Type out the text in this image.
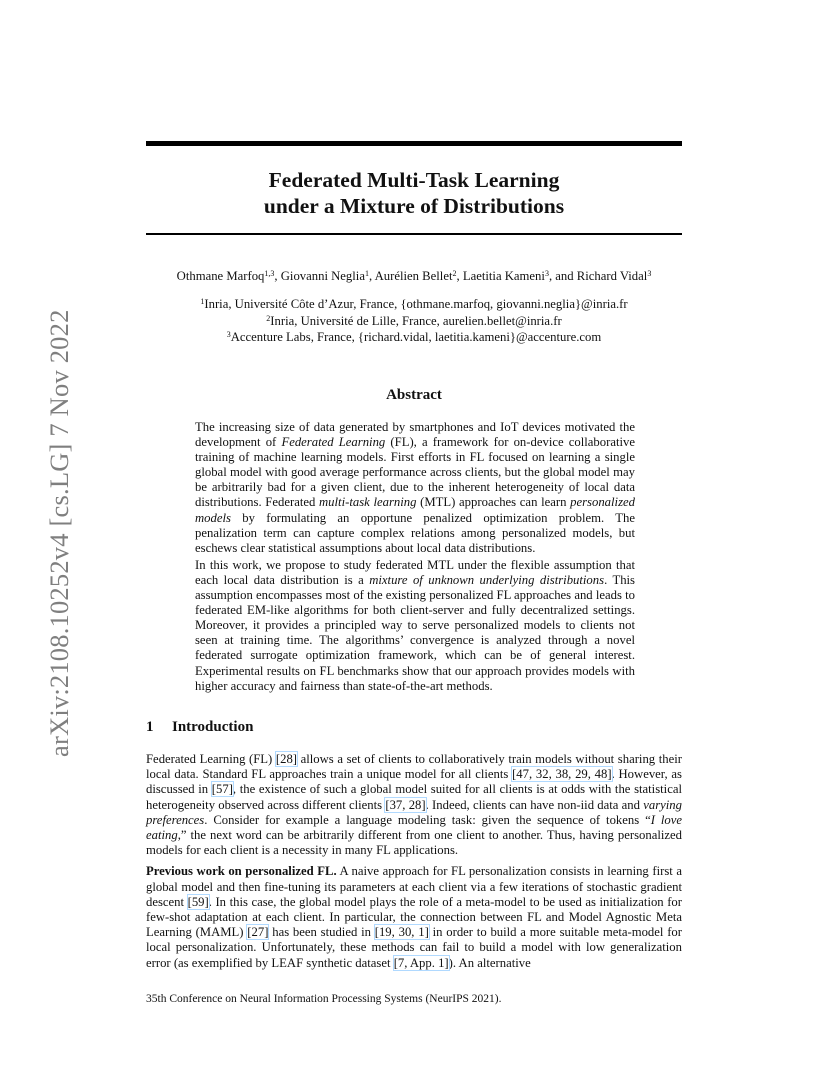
arXiv:2108.10252v4 [cs.LG] 7 Nov 2022
Federated Multi-Task Learning
under a Mixture of Distributions
Othmane Marfoq$^{1,3}$, Giovanni Neglia$^1$, Aurélien Bellet$^2$, Laetitia Kameni$^3$, and Richard Vidal$^3$
$^1$Inria, Université Côte d’Azur, France, {othmane.marfoq, giovanni.neglia}@inria.fr
$^2$Inria, Université de Lille, France, aurelien.bellet@inria.fr
$^3$Accenture Labs, France, {richard.vidal, laetitia.kameni}@accenture.com
Abstract

The increasing size of data generated by smartphones and IoT devices motivated the development of Federated Learning (FL), a framework for on-device collaborative training of machine learning models. First efforts in FL focused on learning a single global model with good average performance across clients, but the global model may be arbitrarily bad for a given client, due to the inherent heterogeneity of local data distributions. Federated multi-task learning (MTL) approaches can learn personalized models by formulating an opportune penalized optimization problem. The penalization term can capture complex relations among personalized models, but eschews clear statistical assumptions about local data distributions.

In this work, we propose to study federated MTL under the flexible assumption that each local data distribution is a mixture of unknown underlying distributions. This assumption encompasses most of the existing personalized FL approaches and leads to federated EM-like algorithms for both client-server and fully decentralized settings. Moreover, it provides a principled way to serve personalized models to clients not seen at training time. The algorithms’ convergence is analyzed through a novel federated surrogate optimization framework, which can be of general interest. Experimental results on FL benchmarks show that our approach provides models with higher accuracy and fairness than state-of-the-art methods.

1 Introduction

Federated Learning (FL) [28] allows a set of clients to collaboratively train models without sharing their local data. Standard FL approaches train a unique model for all clients [47, 32, 38, 29, 48]. However, as discussed in [57], the existence of such a global model suited for all clients is at odds with the statistical heterogeneity observed across different clients [37, 28]. Indeed, clients can have non-iid data and varying preferences. Consider for example a language modeling task: given the sequence of tokens “I love eating,” the next word can be arbitrarily different from one client to another. Thus, having personalized models for each client is a necessity in many FL applications.

Previous work on personalized FL. A naive approach for FL personalization consists in learning first a global model and then fine-tuning its parameters at each client via a few iterations of stochastic gradient descent [59]. In this case, the global model plays the role of a meta-model to be used as initialization for few-shot adaptation at each client. In particular, the connection between FL and Model Agnostic Meta Learning (MAML) [27] has been studied in [19, 30, 1] in order to build a more suitable meta-model for local personalization. Unfortunately, these methods can fail to build a model with low generalization error (as exemplified by LEAF synthetic dataset [7, App. 1]). An alternative

35th Conference on Neural Information Processing Systems (NeurIPS 2021).
